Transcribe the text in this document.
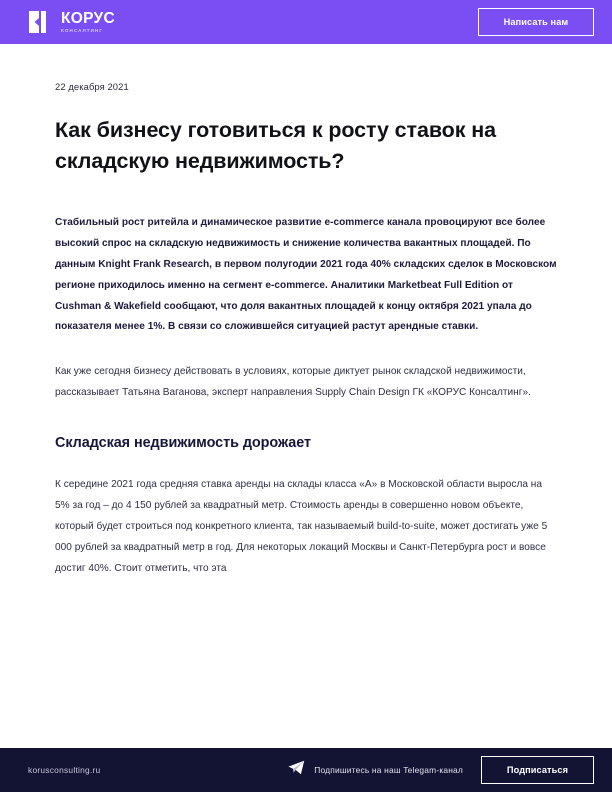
КОРУС
КОНСАЛТИНГ
Написать нам
22 декабря 2021
Как бизнесу готовиться к росту ставок на складскую недвижимость?

Стабильный рост ритейла и динамическое развитие e-commerce канала провоцируют все более высокий спрос на складскую недвижимость и снижение количества вакантных площадей. По данным Knight Frank Research, в первом полугодии 2021 года 40% складских сделок в Московском регионе приходилось именно на сегмент e-commerce. Аналитики Marketbeat Full Edition от Cushman & Wakefield сообщают, что доля вакантных площадей к концу октября 2021 упала до показателя менее 1%. В связи со сложившейся ситуацией растут арендные ставки.

Как уже сегодня бизнесу действовать в условиях, которые диктует рынок складской недвижимости, рассказывает Татьяна Ваганова, эксперт направления Supply Chain Design ГК «КОРУС Консалтинг».

Складская недвижимость дорожает

К середине 2021 года средняя ставка аренды на склады класса «А» в Московской области выросла на 5% за год – до 4 150 рублей за квадратный метр. Стоимость аренды в совершенно новом объекте, который будет строиться под конкретного клиента, так называемый build-to-suite, может достигать уже 5 000 рублей за квадратный метр в год. Для некоторых локаций Москвы и Санкт-Петербурга рост и вовсе достиг 40%. Стоит отметить, что эта

korusconsulting.ru	Подпишитесь на наш Telegam-канал	Подписаться
